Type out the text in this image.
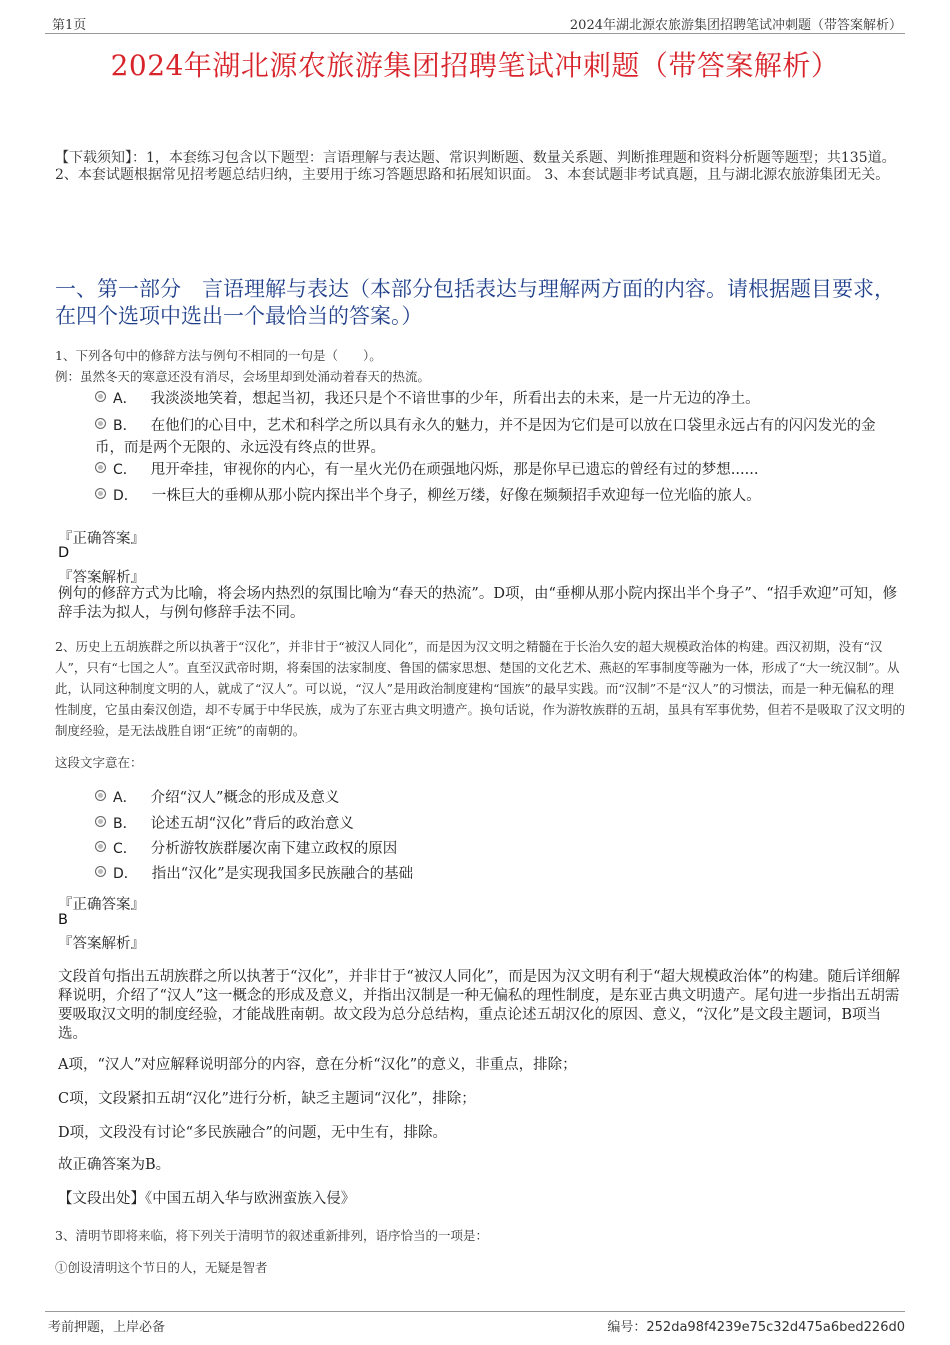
第1页	2024年湖北源农旅游集团招聘笔试冲刺题（带答案解析）
2024年湖北源农旅游集团招聘笔试冲刺题（带答案解析）
【下载须知】：1，本套练习包含以下题型：言语理解与表达题、常识判断题、数量关系题、判断推理题和资料分析题等题型；共135道。 2、本套试题根据常见招考题总结归纳，主要用于练习答题思路和拓展知识面。 3、本套试题非考试真题，且与湖北源农旅游集团无关。
一、第一部分　言语理解与表达（本部分包括表达与理解两方面的内容。请根据题目要求，在四个选项中选出一个最恰当的答案。）
1、下列各句中的修辞方法与例句不相同的一句是（　　）。
例：虽然冬天的寒意还没有消尽，会场里却到处涌动着春天的热流。
A． 我淡淡地笑着，想起当初，我还只是个不谙世事的少年，所看出去的未来，是一片无边的净土。
B． 在他们的心目中，艺术和科学之所以具有永久的魅力，并不是因为它们是可以放在口袋里永远占有的闪闪发光的金币，而是两个无限的、永远没有终点的世界。
C． 甩开牵挂，审视你的内心，有一星火光仍在顽强地闪烁，那是你早已遗忘的曾经有过的梦想......
D． 一株巨大的垂柳从那小院内探出半个身子，柳丝万缕，好像在频频招手欢迎每一位光临的旅人。
『正确答案』
D
『答案解析』
例句的修辞方式为比喻，将会场内热烈的氛围比喻为“春天的热流”。D项，由“垂柳从那小院内探出半个身子”、“招手欢迎”可知，修辞手法为拟人，与例句修辞手法不同。
2、历史上五胡族群之所以执著于“汉化”，并非甘于“被汉人同化”，而是因为汉文明之精髓在于长治久安的超大规模政治体的构建。西汉初期，没有“汉人”，只有“七国之人”。直至汉武帝时期，将秦国的法家制度、鲁国的儒家思想、楚国的文化艺术、燕赵的军事制度等融为一体，形成了“大一统汉制”。从此，认同这种制度文明的人，就成了“汉人”。可以说，“汉人”是用政治制度建构“国族”的最早实践。而“汉制”不是“汉人”的习惯法，而是一种无偏私的理性制度，它虽由秦汉创造，却不专属于中华民族，成为了东亚古典文明遗产。换句话说，作为游牧族群的五胡，虽具有军事优势，但若不是吸取了汉文明的制度经验，是无法战胜自诩“正统”的南朝的。
这段文字意在：
A． 介绍“汉人”概念的形成及意义
B． 论述五胡“汉化”背后的政治意义
C． 分析游牧族群屡次南下建立政权的原因
D． 指出“汉化”是实现我国多民族融合的基础
『正确答案』
B
『答案解析』
文段首句指出五胡族群之所以执著于“汉化”，并非甘于“被汉人同化”，而是因为汉文明有利于“超大规模政治体”的构建。随后详细解释说明，介绍了“汉人”这一概念的形成及意义，并指出汉制是一种无偏私的理性制度，是东亚古典文明遗产。尾句进一步指出五胡需要吸取汉文明的制度经验，才能战胜南朝。故文段为总分总结构，重点论述五胡汉化的原因、意义，“汉化”是文段主题词，B项当选。
A项，“汉人”对应解释说明部分的内容，意在分析“汉化”的意义，非重点，排除；
C项，文段紧扣五胡“汉化”进行分析，缺乏主题词“汉化”，排除；
D项，文段没有讨论“多民族融合”的问题，无中生有，排除。
故正确答案为B。
【文段出处】《中国五胡入华与欧洲蛮族入侵》
3、清明节即将来临，将下列关于清明节的叙述重新排列，语序恰当的一项是：
①创设清明这个节日的人，无疑是智者
考前押题，上岸必备	编号：252da98f4239e75c32d475a6bed226d0
